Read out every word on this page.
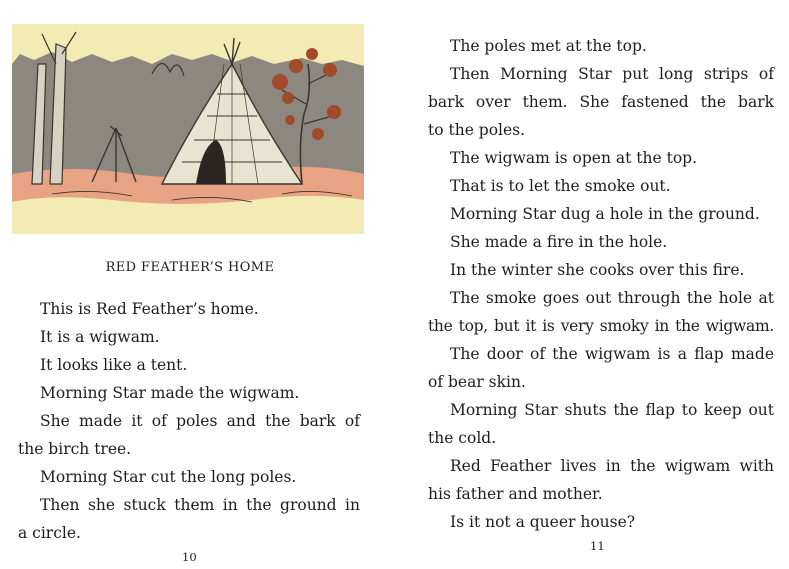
RED FEATHER’S HOME
This is Red Feather’s home.
It is a wigwam.
It looks like a tent.
Morning Star made the wigwam.
She made it of poles and the bark of
the birch tree.
Morning Star cut the long poles.
Then she stuck them in the ground in
a circle.
10
The poles met at the top.
Then Morning Star put long strips of
bark over them. She fastened the bark
to the poles.
The wigwam is open at the top.
That is to let the smoke out.
Morning Star dug a hole in the ground.
She made a fire in the hole.
In the winter she cooks over this fire.
The smoke goes out through the hole at
the top, but it is very smoky in the wigwam.
The door of the wigwam is a flap made
of bear skin.
Morning Star shuts the flap to keep out
the cold.
Red Feather lives in the wigwam with
his father and mother.
Is it not a queer house?
11
